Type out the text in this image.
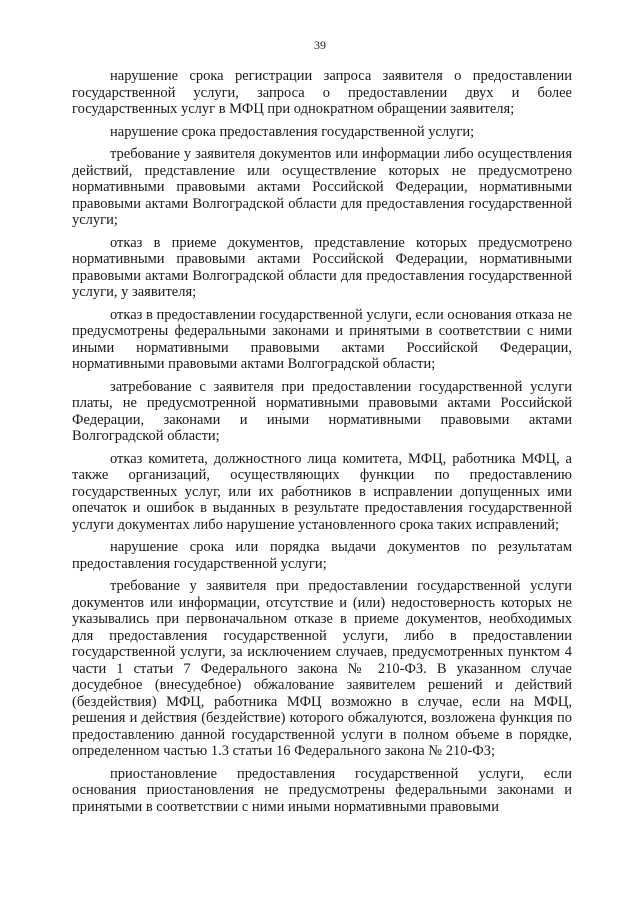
39

нарушение срока регистрации запроса заявителя о предоставлении государственной услуги, запроса о предоставлении двух и более государственных услуг в МФЦ при однократном обращении заявителя;

нарушение срока предоставления государственной услуги;

требование у заявителя документов или информации либо осуществления действий, представление или осуществление которых не предусмотрено нормативными правовыми актами Российской Федерации, нормативными правовыми актами Волгоградской области для предоставления государственной услуги;

отказ в приеме документов, представление которых предусмотрено нормативными правовыми актами Российской Федерации, нормативными правовыми актами Волгоградской области для предоставления государственной услуги, у заявителя;

отказ в предоставлении государственной услуги, если основания отказа не предусмотрены федеральными законами и принятыми в соответствии с ними иными нормативными правовыми актами Российской Федерации, нормативными правовыми актами Волгоградской области;

затребование с заявителя при предоставлении государственной услуги платы, не предусмотренной нормативными правовыми актами Российской Федерации, законами и иными нормативными правовыми актами Волгоградской области;

отказ комитета, должностного лица комитета, МФЦ, работника МФЦ, а также организаций, осуществляющих функции по предоставлению государственных услуг, или их работников в исправлении допущенных ими опечаток и ошибок в выданных в результате предоставления государственной услуги документах либо нарушение установленного срока таких исправлений;

нарушение срока или порядка выдачи документов по результатам предоставления государственной услуги;

требование у заявителя при предоставлении государственной услуги документов или информации, отсутствие и (или) недостоверность которых не указывались при первоначальном отказе в приеме документов, необходимых для предоставления государственной услуги, либо в предоставлении государственной услуги, за исключением случаев, предусмотренных пунктом 4 части 1 статьи 7 Федерального закона № 210-ФЗ. В указанном случае досудебное (внесудебное) обжалование заявителем решений и действий (бездействия) МФЦ, работника МФЦ возможно в случае, если на МФЦ, решения и действия (бездействие) которого обжалуются, возложена функция по предоставлению данной государственной услуги в полном объеме в порядке, определенном частью 1.3 статьи 16 Федерального закона № 210-ФЗ;

приостановление предоставления государственной услуги, если основания приостановления не предусмотрены федеральными законами и принятыми в соответствии с ними иными нормативными правовыми
